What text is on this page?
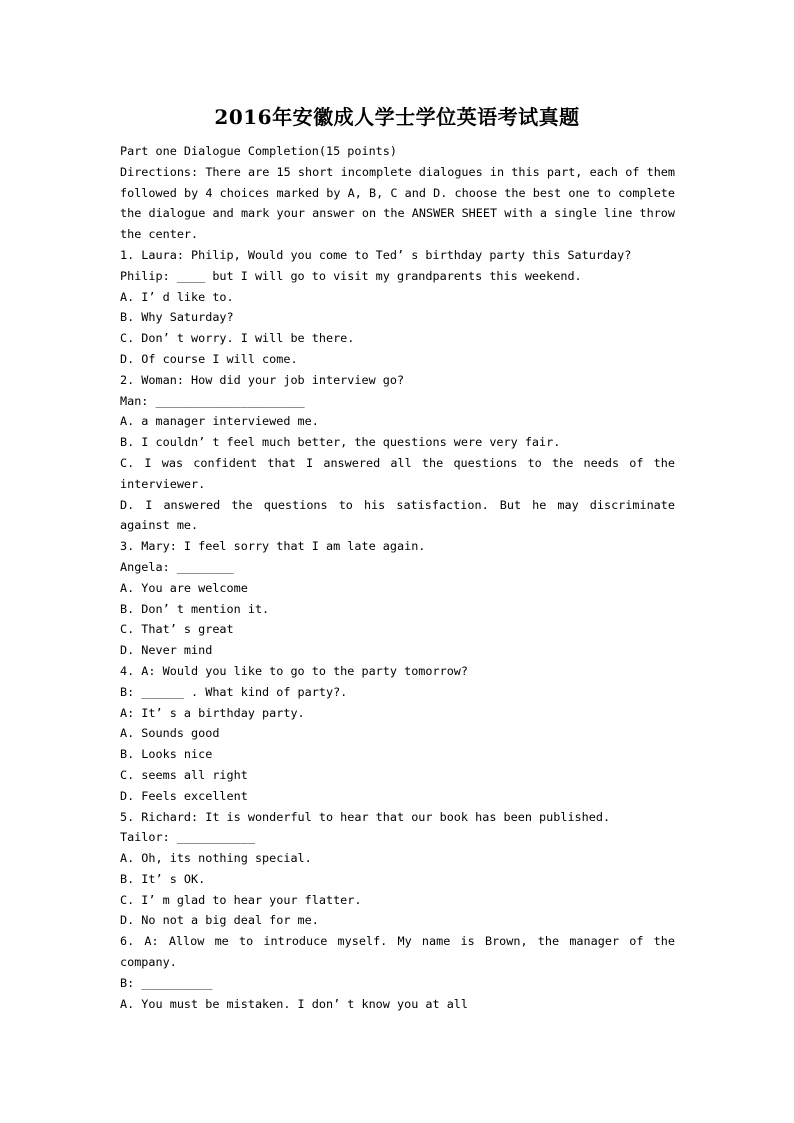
2016年安徽成人学士学位英语考试真题
Part one Dialogue Completion(15 points)
Directions: There are 15 short incomplete dialogues in this part, each of them
followed by 4 choices marked by A, B, C and D. choose the best one to complete
the dialogue and mark your answer on the ANSWER SHEET with a single line throw
the center.
1. Laura: Philip, Would you come to Ted’ s birthday party this Saturday?
Philip: ____ but I will go to visit my grandparents this weekend.
A. I’ d like to.
B. Why Saturday?
C. Don’ t worry. I will be there.
D. Of course I will come.
2. Woman: How did your job interview go?
Man: _____________________
A. a manager interviewed me.
B. I couldn’ t feel much better, the questions were very fair.
C. I was confident that I answered all the questions to the needs of the
interviewer.
D. I answered the questions to his satisfaction. But he may discriminate
against me.
3. Mary: I feel sorry that I am late again.
Angela: ________
A. You are welcome
B. Don’ t mention it.
C. That’ s great
D. Never mind
4. A: Would you like to go to the party tomorrow?
B: ______ . What kind of party?.
A: It’ s a birthday party.
A. Sounds good
B. Looks nice
C. seems all right
D. Feels excellent
5. Richard: It is wonderful to hear that our book has been published.
Tailor: ___________
A. Oh, its nothing special.
B. It’ s OK.
C. I’ m glad to hear your flatter.
D. No not a big deal for me.
6. A: Allow me to introduce myself. My name is Brown, the manager of the
company.
B: __________
A. You must be mistaken. I don’ t know you at all
